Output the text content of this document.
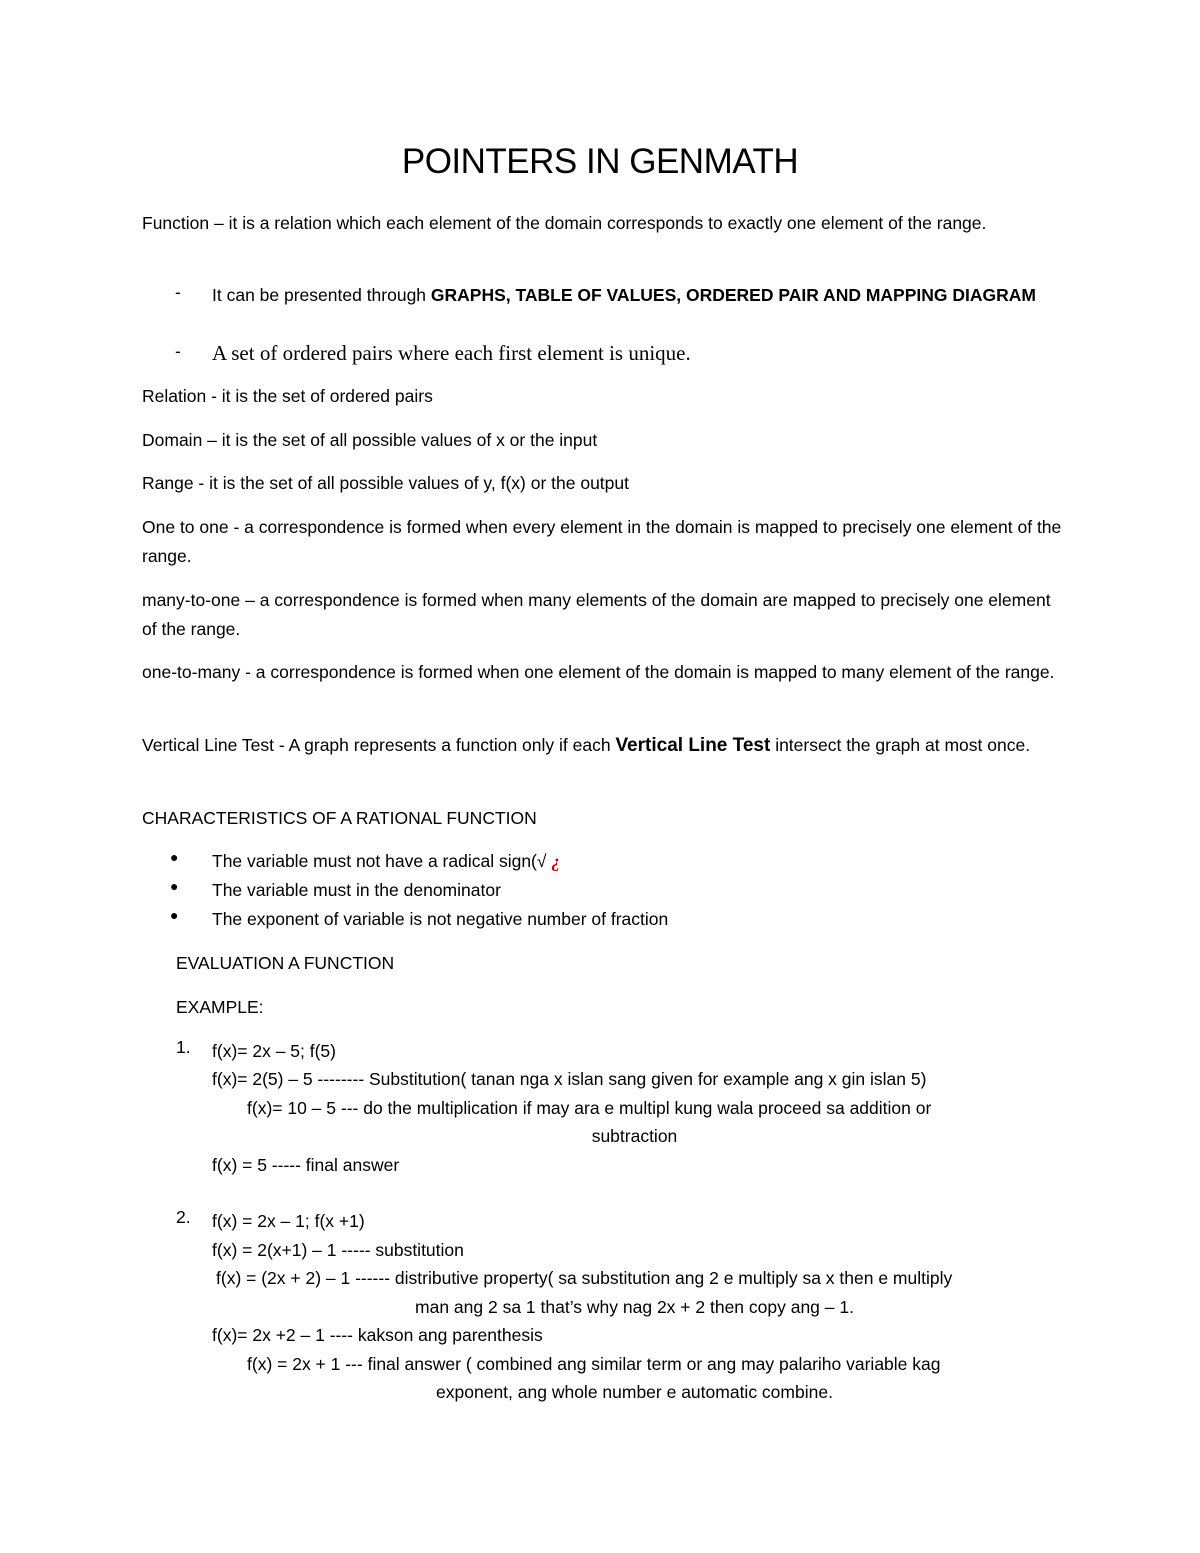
POINTERS IN GENMATH
Function – it is a relation which each element of the domain corresponds to exactly one element of the range.
- It can be presented through GRAPHS, TABLE OF VALUES, ORDERED PAIR AND MAPPING DIAGRAM
- A set of ordered pairs where each first element is unique.
Relation - it is the set of ordered pairs
Domain – it is the set of all possible values of x or the input
Range - it is the set of all possible values of y, f(x) or the output
One to one - a correspondence is formed when every element in the domain is mapped to precisely one element of the range.
many-to-one – a correspondence is formed when many elements of the domain are mapped to precisely one element of the range.
one-to-many - a correspondence is formed when one element of the domain is mapped to many element of the range.
Vertical Line Test - A graph represents a function only if each Vertical Line Test intersect the graph at most once.
CHARACTERISTICS OF A RATIONAL FUNCTION
● The variable must not have a radical sign(√ ¿
● The variable must in the denominator
● The exponent of variable is not negative number of fraction
EVALUATION A FUNCTION
EXAMPLE:
1. f(x)= 2x – 5; f(5)
f(x)= 2(5) – 5 -------- Substitution( tanan nga x islan sang given for example ang x gin islan 5)
f(x)= 10 – 5 --- do the multiplication if may ara e multipl kung wala proceed sa addition or
subtraction
f(x) = 5 ----- final answer
2. f(x) = 2x – 1; f(x +1)
f(x) = 2(x+1) – 1 ----- substitution
f(x) = (2x + 2) – 1 ------ distributive property( sa substitution ang 2 e multiply sa x then e multiply
man ang 2 sa 1 that’s why nag 2x + 2 then copy ang – 1.
f(x)= 2x +2 – 1 ---- kakson ang parenthesis
f(x) = 2x + 1 --- final answer ( combined ang similar term or ang may palariho variable kag
exponent, ang whole number e automatic combine.
